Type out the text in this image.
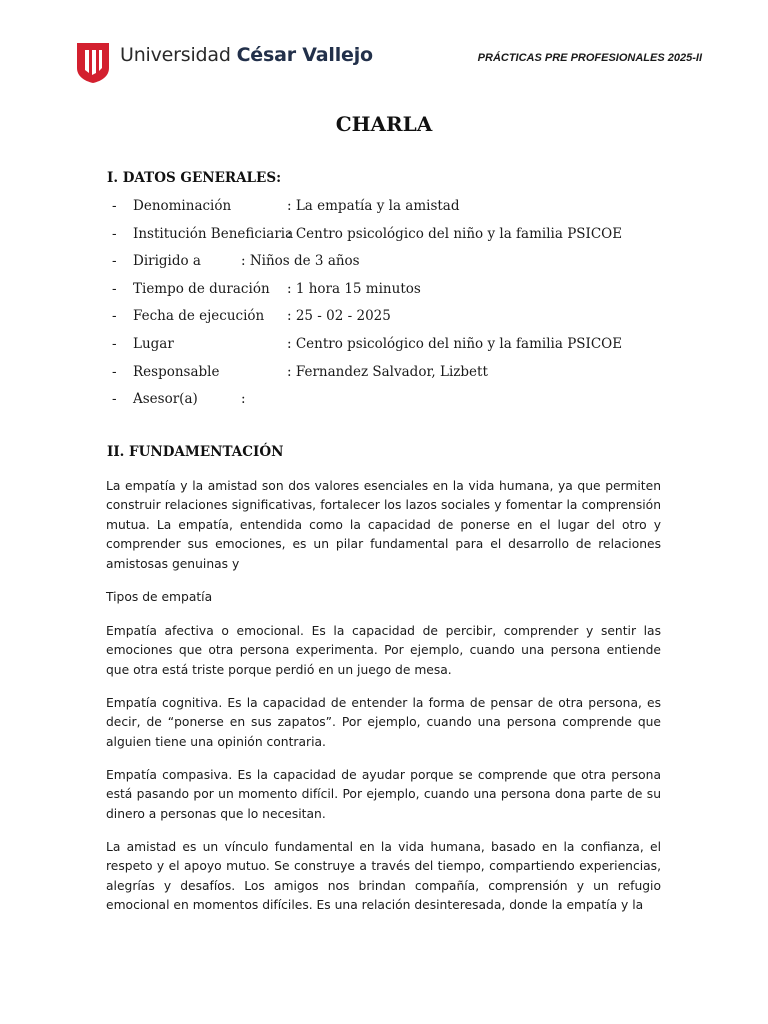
Universidad César Vallejo	PRÁCTICAS PRE PROFESIONALES 2025-II
CHARLA
I. DATOS GENERALES:
- Denominación	: La empatía y la amistad
- Institución Beneficiaria
: Centro psicológico del niño y la familia PSICOE
- Dirigido a	: Niños de 3 años
- Tiempo de duración : 1 hora 15 minutos
- Fecha de ejecución : 25 - 02 - 2025
- Lugar	: Centro psicológico del niño y la familia PSICOE
- Responsable	: Fernandez Salvador, Lizbett
- Asesor(a)	:
II. FUNDAMENTACIÓN

La empatía y la amistad son dos valores esenciales en la vida humana, ya que permiten construir relaciones significativas, fortalecer los lazos sociales y fomentar la comprensión mutua. La empatía, entendida como la capacidad de ponerse en el lugar del otro y comprender sus emociones, es un pilar fundamental para el desarrollo de relaciones amistosas genuinas y

Tipos de empatía

Empatía afectiva o emocional. Es la capacidad de percibir, comprender y sentir las emociones que otra persona experimenta. Por ejemplo, cuando una persona entiende que otra está triste porque perdió en un juego de mesa.

Empatía cognitiva. Es la capacidad de entender la forma de pensar de otra persona, es decir, de “ponerse en sus zapatos”. Por ejemplo, cuando una persona comprende que alguien tiene una opinión contraria.

Empatía compasiva. Es la capacidad de ayudar porque se comprende que otra persona está pasando por un momento difícil. Por ejemplo, cuando una persona dona parte de su dinero a personas que lo necesitan.

La amistad es un vínculo fundamental en la vida humana, basado en la confianza, el respeto y el apoyo mutuo. Se construye a través del tiempo, compartiendo experiencias, alegrías y desafíos. Los amigos nos brindan compañía, comprensión y un refugio emocional en momentos difíciles. Es una relación desinteresada, donde la empatía y la
